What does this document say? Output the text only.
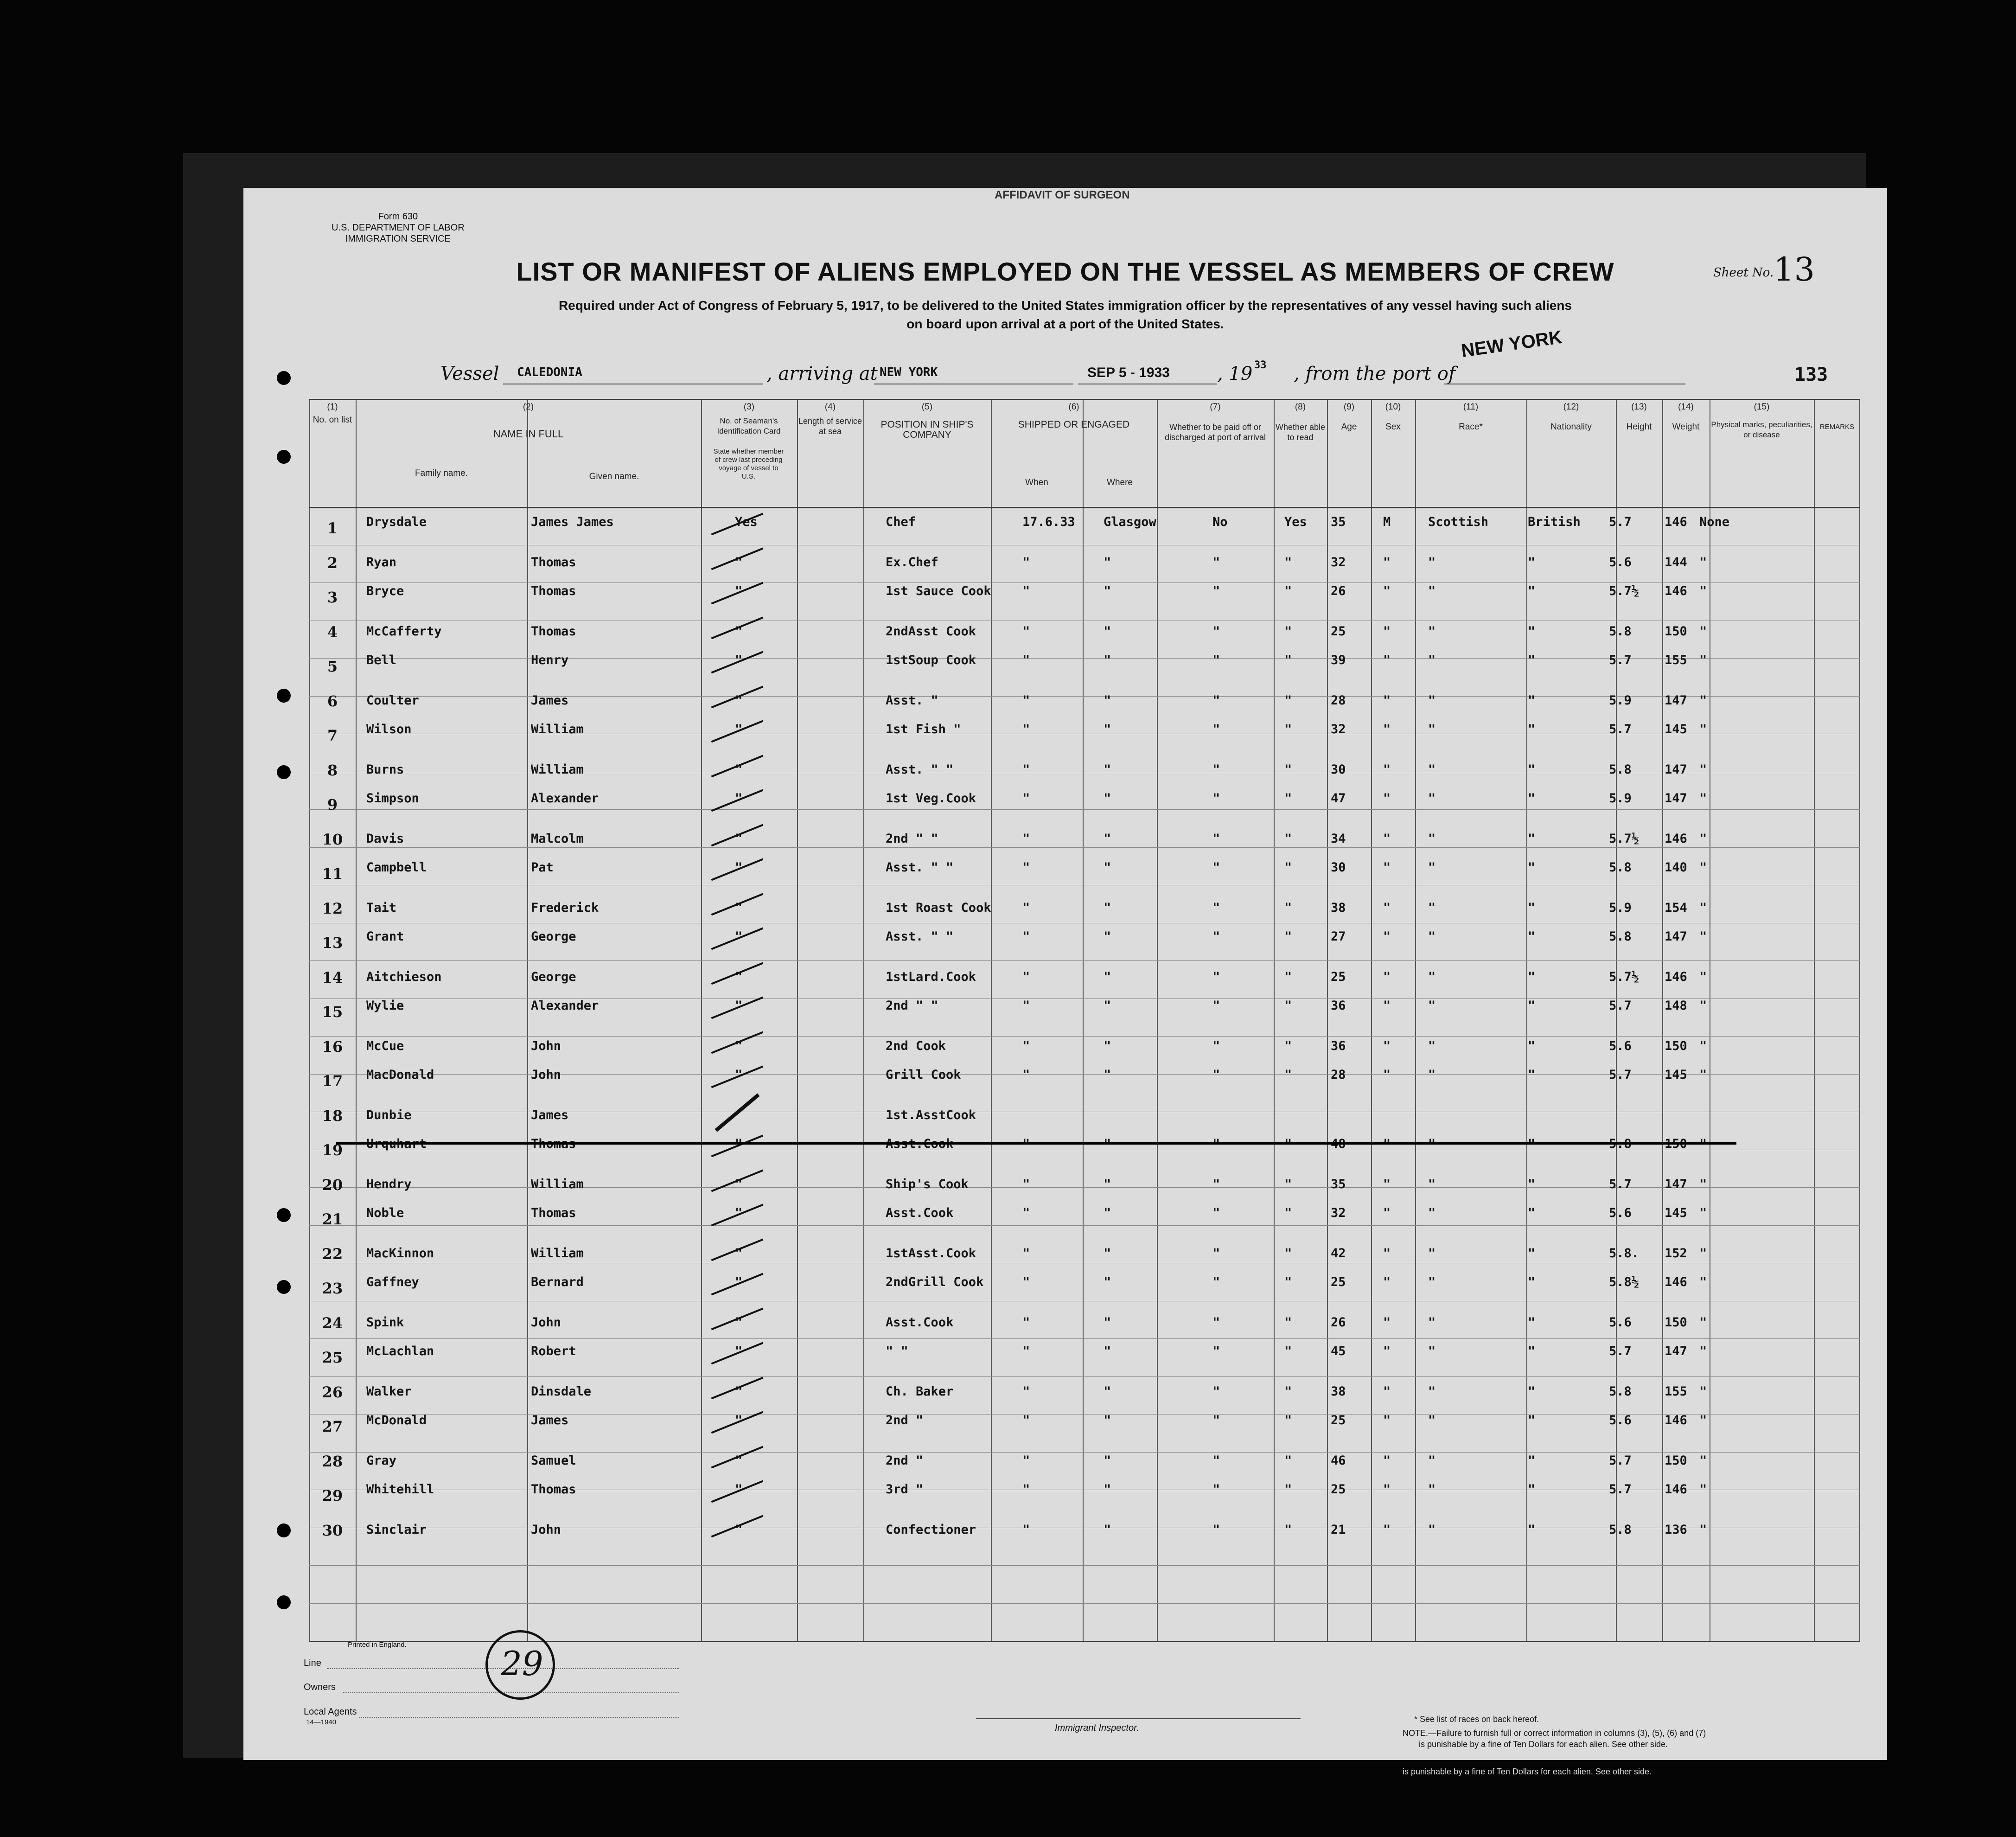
Form 630
U.S. DEPARTMENT OF LABOR
IMMIGRATION SERVICE
AFFIDAVIT OF SURGEON
LIST OR MANIFEST OF ALIENS EMPLOYED ON THE VESSEL AS MEMBERS OF CREW
Required under Act of Congress of February 5, 1917, to be delivered to the United States immigration officer by the representatives of any vessel having such aliens
on board upon arrival at a port of the United States.
Sheet No. 13
Vessel CALEDONIA	, arriving at NEW YORK	SEP 5 - 1933	, 19 33 , from the port of
NEW YORK
133
(1)
No. on list
(2)
NAME IN FULL
Family name.	Given name.
(3)
No. of Seaman's Identification Card
State whether member of crew last preceding voyage of vessel to U.S.
(4)
Length of service at sea
(5)
POSITION IN SHIP'S COMPANY
(6)
SHIPPED OR ENGAGED
When	Where
(7)
Whether to be paid off or discharged at port of arrival
(8)
Whether able to read
(9)
Age
(10)
Sex
(11)
Race*
(12)
Nationality
(13)
Height
(14)
Weight
(15)
Physical marks, peculiarities, or disease
REMARKS
1	Drysdale	James James	Yes	Chef	17.6.33 Glasgow	No	Yes 35	M	Scottish	British 5.7	146 None
2	Ryan	Thomas	"	Ex.Chef	"	"	"	"	32	"	"	"	5.6	144 "
3	Bryce	Thomas	"	1st Sauce Cook "	"	"	"	26	"	"	"	5.7½ 146 "
4	McCafferty	Thomas	"	2ndAsst Cook	"	"	"	"	25	"	"	"	5.8	150 "
5	Bell	Henry	"	1stSoup Cook	"	"	"	"	39	"	"	"	5.7	155 "
6	Coulter	James	"	Asst. "	"	"	"	"	28	"	"	"	5.9	147 "
7	Wilson	William	"	1st Fish "	"	"	"	"	32	"	"	"	5.7	145 "
8	Burns	William	"	Asst. " "	"	"	"	"	30	"	"	"	5.8	147 "
9	Simpson	Alexander	"	1st Veg.Cook	"	"	"	"	47	"	"	"	5.9	147 "
10	Davis	Malcolm	"	2nd " "	"	"	"	"	34	"	"	"	5.7½ 146 "
11	Campbell	Pat	"	Asst. " "	"	"	"	"	30	"	"	"	5.8	140 "
12	Tait	Frederick	"	1st Roast Cook "	"	"	"	38	"	"	"	5.9	154 "
13	Grant	George	"	Asst. " "	"	"	"	"	27	"	"	"	5.8	147 "
14	Aitchieson	George	"	1stLard.Cook	"	"	"	"	25	"	"	"	5.7½ 146 "
15	Wylie	Alexander	"	2nd " "	"	"	"	"	36	"	"	"	5.7	148 "
16	McCue	John	"	2nd Cook	"	"	"	"	36	"	"	"	5.6	150 "
17	MacDonald	John	"	Grill Cook	"	"	"	"	28	"	"	"	5.7	145 "
18	Dunbie	James	1st.AsstCook
19	Urquhart	Thomas	"	Asst.Cook	"	"	"	"	48	"	"	"	5.8	150 "
20	Hendry	William	"	Ship's Cook	"	"	"	"	35	"	"	"	5.7	147 "
21	Noble	Thomas	"	Asst.Cook	"	"	"	"	32	"	"	"	5.6	145 "
22	MacKinnon	William	"	1stAsst.Cook	"	"	"	"	42	"	"	"	5.8. 152 "
23	Gaffney	Bernard	"	2ndGrill Cook	"	"	"	"	25	"	"	"	5.8½ 146 "
24	Spink	John	"	Asst.Cook	"	"	"	"	26	"	"	"	5.6	150 "
25	McLachlan	Robert	"	" "	"	"	"	"	45	"	"	"	5.7	147 "
26	Walker	Dinsdale	"	Ch. Baker	"	"	"	"	38	"	"	"	5.8	155 "
27	McDonald	James	"	2nd "	"	"	"	"	25	"	"	"	5.6	146 "
28	Gray	Samuel	"	2nd "	"	"	"	"	46	"	"	"	5.7	150 "
29	Whitehill	Thomas	"	3rd "	"	"	"	"	25	"	"	"	5.7	146 "
30	Sinclair	John	"	Confectioner	"	"	"	"	21	"	"	"	5.8	136 "
Printed in England.
Line
Owners
Local Agents
14—1940
29
Immigrant Inspector.
* See list of races on back hereof.
NOTE.—Failure to furnish full or correct information in columns (3), (5), (6) and (7)
is punishable by a fine of Ten Dollars for each alien. See other side.
is punishable by a fine of Ten Dollars for each alien. See other side.
